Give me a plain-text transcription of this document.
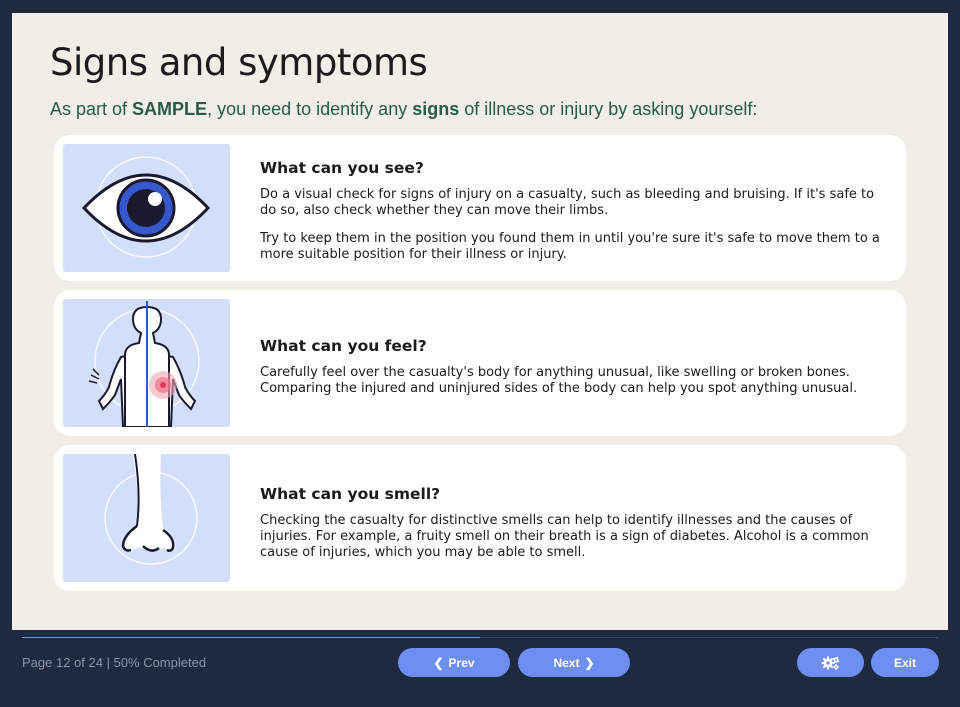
Signs and symptoms

As part of SAMPLE, you need to identify any signs of illness or injury by asking yourself:

What can you see?

Do a visual check for signs of injury on a casualty, such as bleeding and bruising. If it's safe to do so, also check whether they can move their limbs.

Try to keep them in the position you found them in until you're sure it's safe to move them to a more suitable position for their illness or injury.

What can you feel?

Carefully feel over the casualty's body for anything unusual, like swelling or broken bones. Comparing the injured and uninjured sides of the body can help you spot anything unusual.

What can you smell?

Checking the casualty for distinctive smells can help to identify illnesses and the causes of injuries. For example, a fruity smell on their breath is a sign of diabetes. Alcohol is a common cause of injuries, which you may be able to smell.

Page 12 of 24 | 50% Completed	❮ Prev	Next ❯	Exit
